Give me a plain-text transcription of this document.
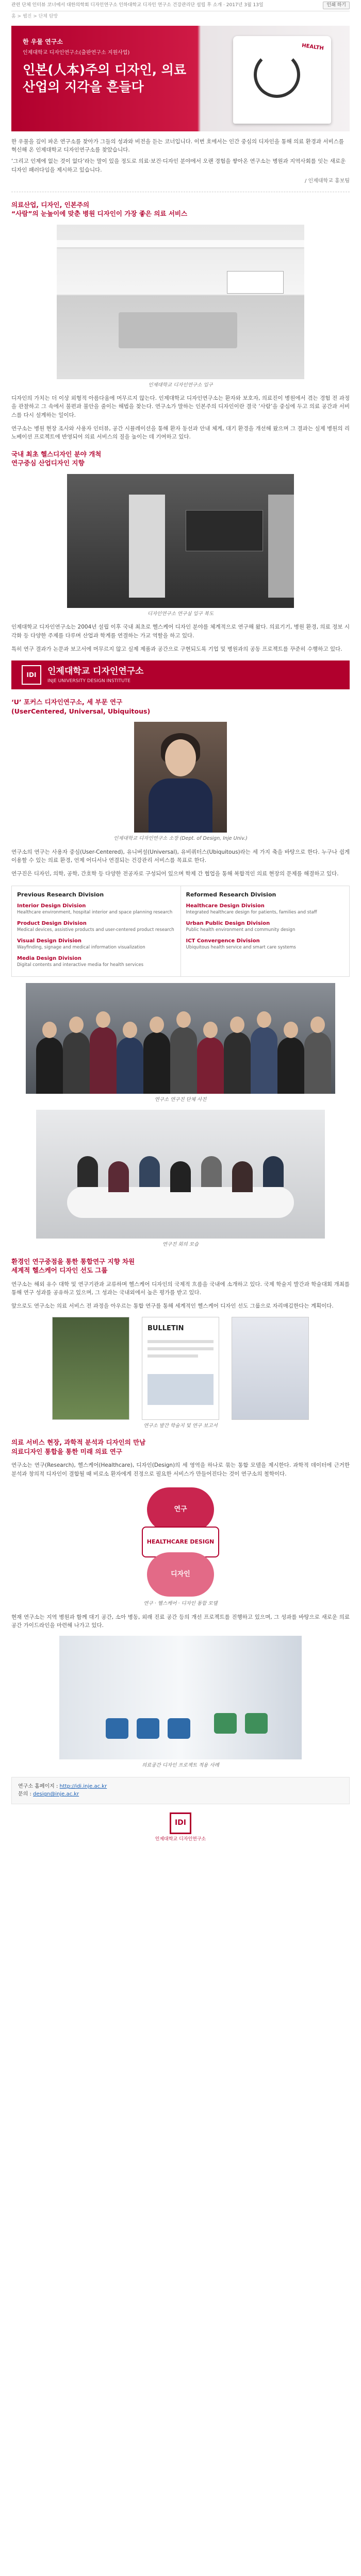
관련 단체 인터뷰 코너에서 대한의학회 디자인연구소 인하대학교 디자인 연구소 건강관리단 설립 후 소개 · 2017년 3월 13일	인쇄 하기
홈 > 웹진 > 단체 탐방
한 우물 연구소
인제대학교 디자인연구소(출판연구소 지원사업)
인본(人本)주의 디자인, 의료산업의 지각을 흔들다
HEALTH

한 우물을 깊이 파온 연구소를 찾아가 그들의 성과와 비전을 듣는 코너입니다. 이번 호에서는 인간 중심의 디자인을 통해 의료 환경과 서비스를 혁신해 온 인제대학교 디자인연구소를 찾았습니다.

‘그리고 인제에 없는 것이 없다’라는 말이 있을 정도로 의료·보건·디자인 분야에서 오랜 경험을 쌓아온 연구소는 병원과 지역사회를 잇는 새로운 디자인 패러다임을 제시하고 있습니다.

/ 인제대학교 홍보팀
의료산업, 디자인, 인본주의
“사람”의 눈높이에 맞춘 병원 디자인이 가장 좋은 의료 서비스
인제대학교 디자인연구소 입구

디자인의 가치는 더 이상 외형적 아름다움에 머무르지 않는다. 인제대학교 디자인연구소는 환자와 보호자, 의료진이 병원에서 겪는 경험 전 과정을 관찰하고 그 속에서 불편과 불안을 줄이는 해법을 찾는다. 연구소가 말하는 인본주의 디자인이란 결국 ‘사람’을 중심에 두고 의료 공간과 서비스를 다시 설계하는 일이다.

연구소는 병원 현장 조사와 사용자 인터뷰, 공간 시뮬레이션을 통해 환자 동선과 안내 체계, 대기 환경을 개선해 왔으며 그 결과는 실제 병원의 리노베이션 프로젝트에 반영되어 의료 서비스의 질을 높이는 데 기여하고 있다.

국내 최초 헬스디자인 분야 개척
연구중심 산업디자인 지향
디자인연구소 연구실 입구 복도

인제대학교 디자인연구소는 2004년 설립 이후 국내 최초로 헬스케어 디자인 분야를 체계적으로 연구해 왔다. 의료기기, 병원 환경, 의료 정보 시각화 등 다양한 주제를 다루며 산업과 학계를 연결하는 가교 역할을 하고 있다.

특히 연구 결과가 논문과 보고서에 머무르지 않고 실제 제품과 공간으로 구현되도록 기업 및 병원과의 공동 프로젝트를 꾸준히 수행하고 있다.

IDI	인제대학교 디자인연구소
INJE UNIVERSITY DESIGN INSTITUTE
‘U’ 포커스 디자인연구소, 세 부문 연구
(UserCentered, Universal, Ubiquitous)
인제대학교 디자인연구소 소장 (Dept. of Design, Inje Univ.)

연구소의 연구는 사용자 중심(User-Centered), 유니버설(Universal), 유비쿼터스(Ubiquitous)라는 세 가지 축을 바탕으로 한다. 누구나 쉽게 이용할 수 있는 의료 환경, 언제 어디서나 연결되는 건강관리 서비스를 목표로 한다.

연구진은 디자인, 의학, 공학, 간호학 등 다양한 전공자로 구성되어 있으며 학제 간 협업을 통해 복합적인 의료 현장의 문제를 해결하고 있다.

Previous Research Division
Interior Design Division
Healthcare environment, hospital interior and space planning research
Product Design Division
Medical devices, assistive products and user-centered product research
Visual Design Division
Wayfinding, signage and medical information visualization
Media Design Division
Digital contents and interactive media for health services
Reformed Research Division
Healthcare Design Division
Integrated healthcare design for patients, families and staff
Urban Public Design Division
Public health environment and community design
ICT Convergence Division
Ubiquitous health service and smart care systems
연구소 연구진 단체 사진
연구진 회의 모습
환경인 연구중점을 통한 통합연구 지향 차원
세계적 헬스케어 디자인 선도 그룹

연구소는 해외 유수 대학 및 연구기관과 교류하며 헬스케어 디자인의 국제적 흐름을 국내에 소개하고 있다. 국제 학술지 발간과 학술대회 개최를 통해 연구 성과를 공유하고 있으며, 그 성과는 국내외에서 높은 평가를 받고 있다.

앞으로도 연구소는 의료 서비스 전 과정을 아우르는 통합 연구를 통해 세계적인 헬스케어 디자인 선도 그룹으로 자리매김한다는 계획이다.

BULLETIN
연구소 발간 학술지 및 연구 보고서
의료 서비스 현장, 과학적 분석과 디자인의 만남
의료디자인 통합을 통한 미래 의료 연구

연구소는 연구(Research), 헬스케어(Healthcare), 디자인(Design)의 세 영역을 하나로 묶는 통합 모델을 제시한다. 과학적 데이터에 근거한 분석과 창의적 디자인이 결합될 때 비로소 환자에게 진정으로 필요한 서비스가 만들어진다는 것이 연구소의 철학이다.

연구
HEALTHCARE DESIGN
디자인
연구 · 헬스케어 · 디자인 통합 모델

현재 연구소는 지역 병원과 함께 대기 공간, 소아 병동, 외래 진료 공간 등의 개선 프로젝트를 진행하고 있으며, 그 성과를 바탕으로 새로운 의료 공간 가이드라인을 마련해 나가고 있다.

의료공간 디자인 프로젝트 적용 사례
연구소 홈페이지 : http://idi.inje.ac.kr
문의 : design@inje.ac.kr
IDI
인제대학교 디자인연구소
